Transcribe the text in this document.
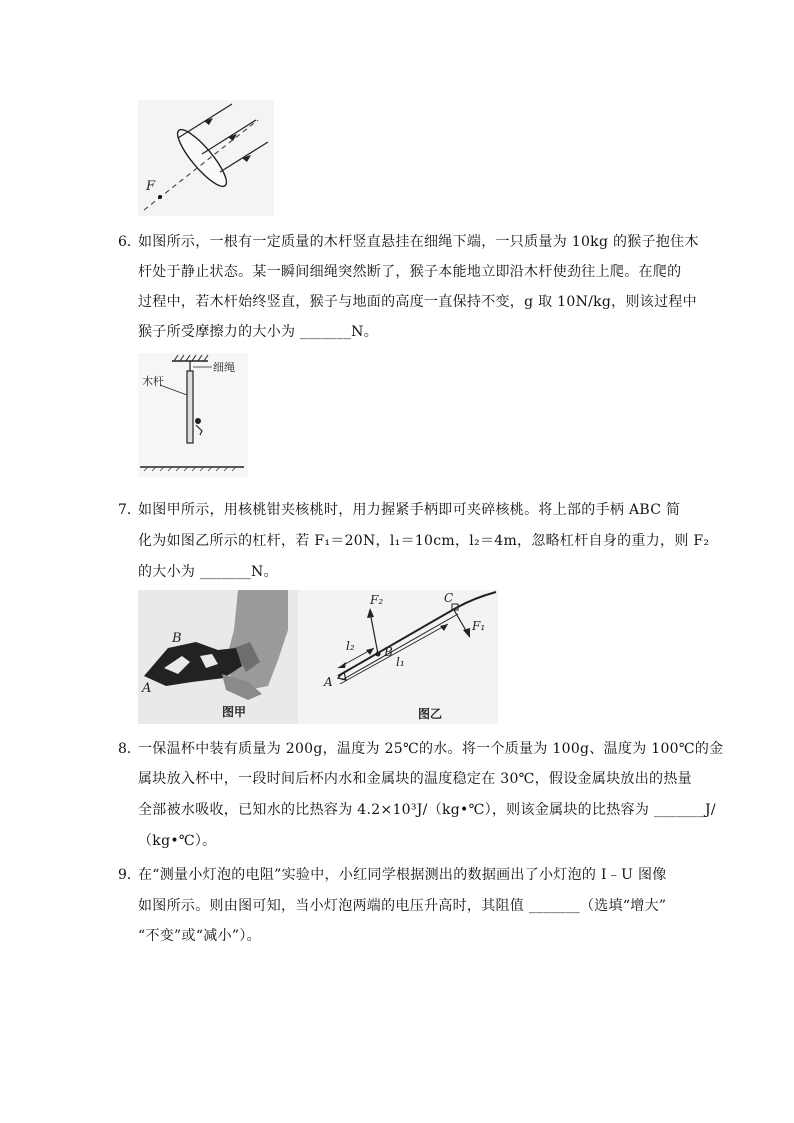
F
6．
如图所示，一根有一定质量的木杆竖直悬挂在细绳下端，一只质量为 10kg 的猴子抱住木
杆处于静止状态。某一瞬间细绳突然断了，猴子本能地立即沿木杆使劲往上爬。在爬的
过程中，若木杆始终竖直，猴子与地面的高度一直保持不变，g 取 10N/kg，则该过程中
猴子所受摩擦力的大小为 _______N。
细绳
木杆
7．
如图甲所示，用核桃钳夹核桃时，用力握紧手柄即可夹碎核桃。将上部的手柄 ABC 简
化为如图乙所示的杠杆，若 F₁＝20N，l₁＝10cm，l₂＝4m，忽略杠杆自身的重力，则 F₂
的大小为 _______N。
B
A
图甲
F₂	C
F₁
B
l₂
l₁
A
图乙
8．
一保温杯中装有质量为 200g，温度为 25℃的水。将一个质量为 100g、温度为 100℃的金
属块放入杯中，一段时间后杯内水和金属块的温度稳定在 30℃，假设金属块放出的热量
全部被水吸收，已知水的比热容为 4.2×10³J/（kg•℃），则该金属块的比热容为 _______J/
（kg•℃）。
9．
在“测量小灯泡的电阻”实验中，小红同学根据测出的数据画出了小灯泡的 I﹣U 图像
如图所示。则由图可知，当小灯泡两端的电压升高时，其阻值 _______（选填“增大”
“不变”或“减小”）。
